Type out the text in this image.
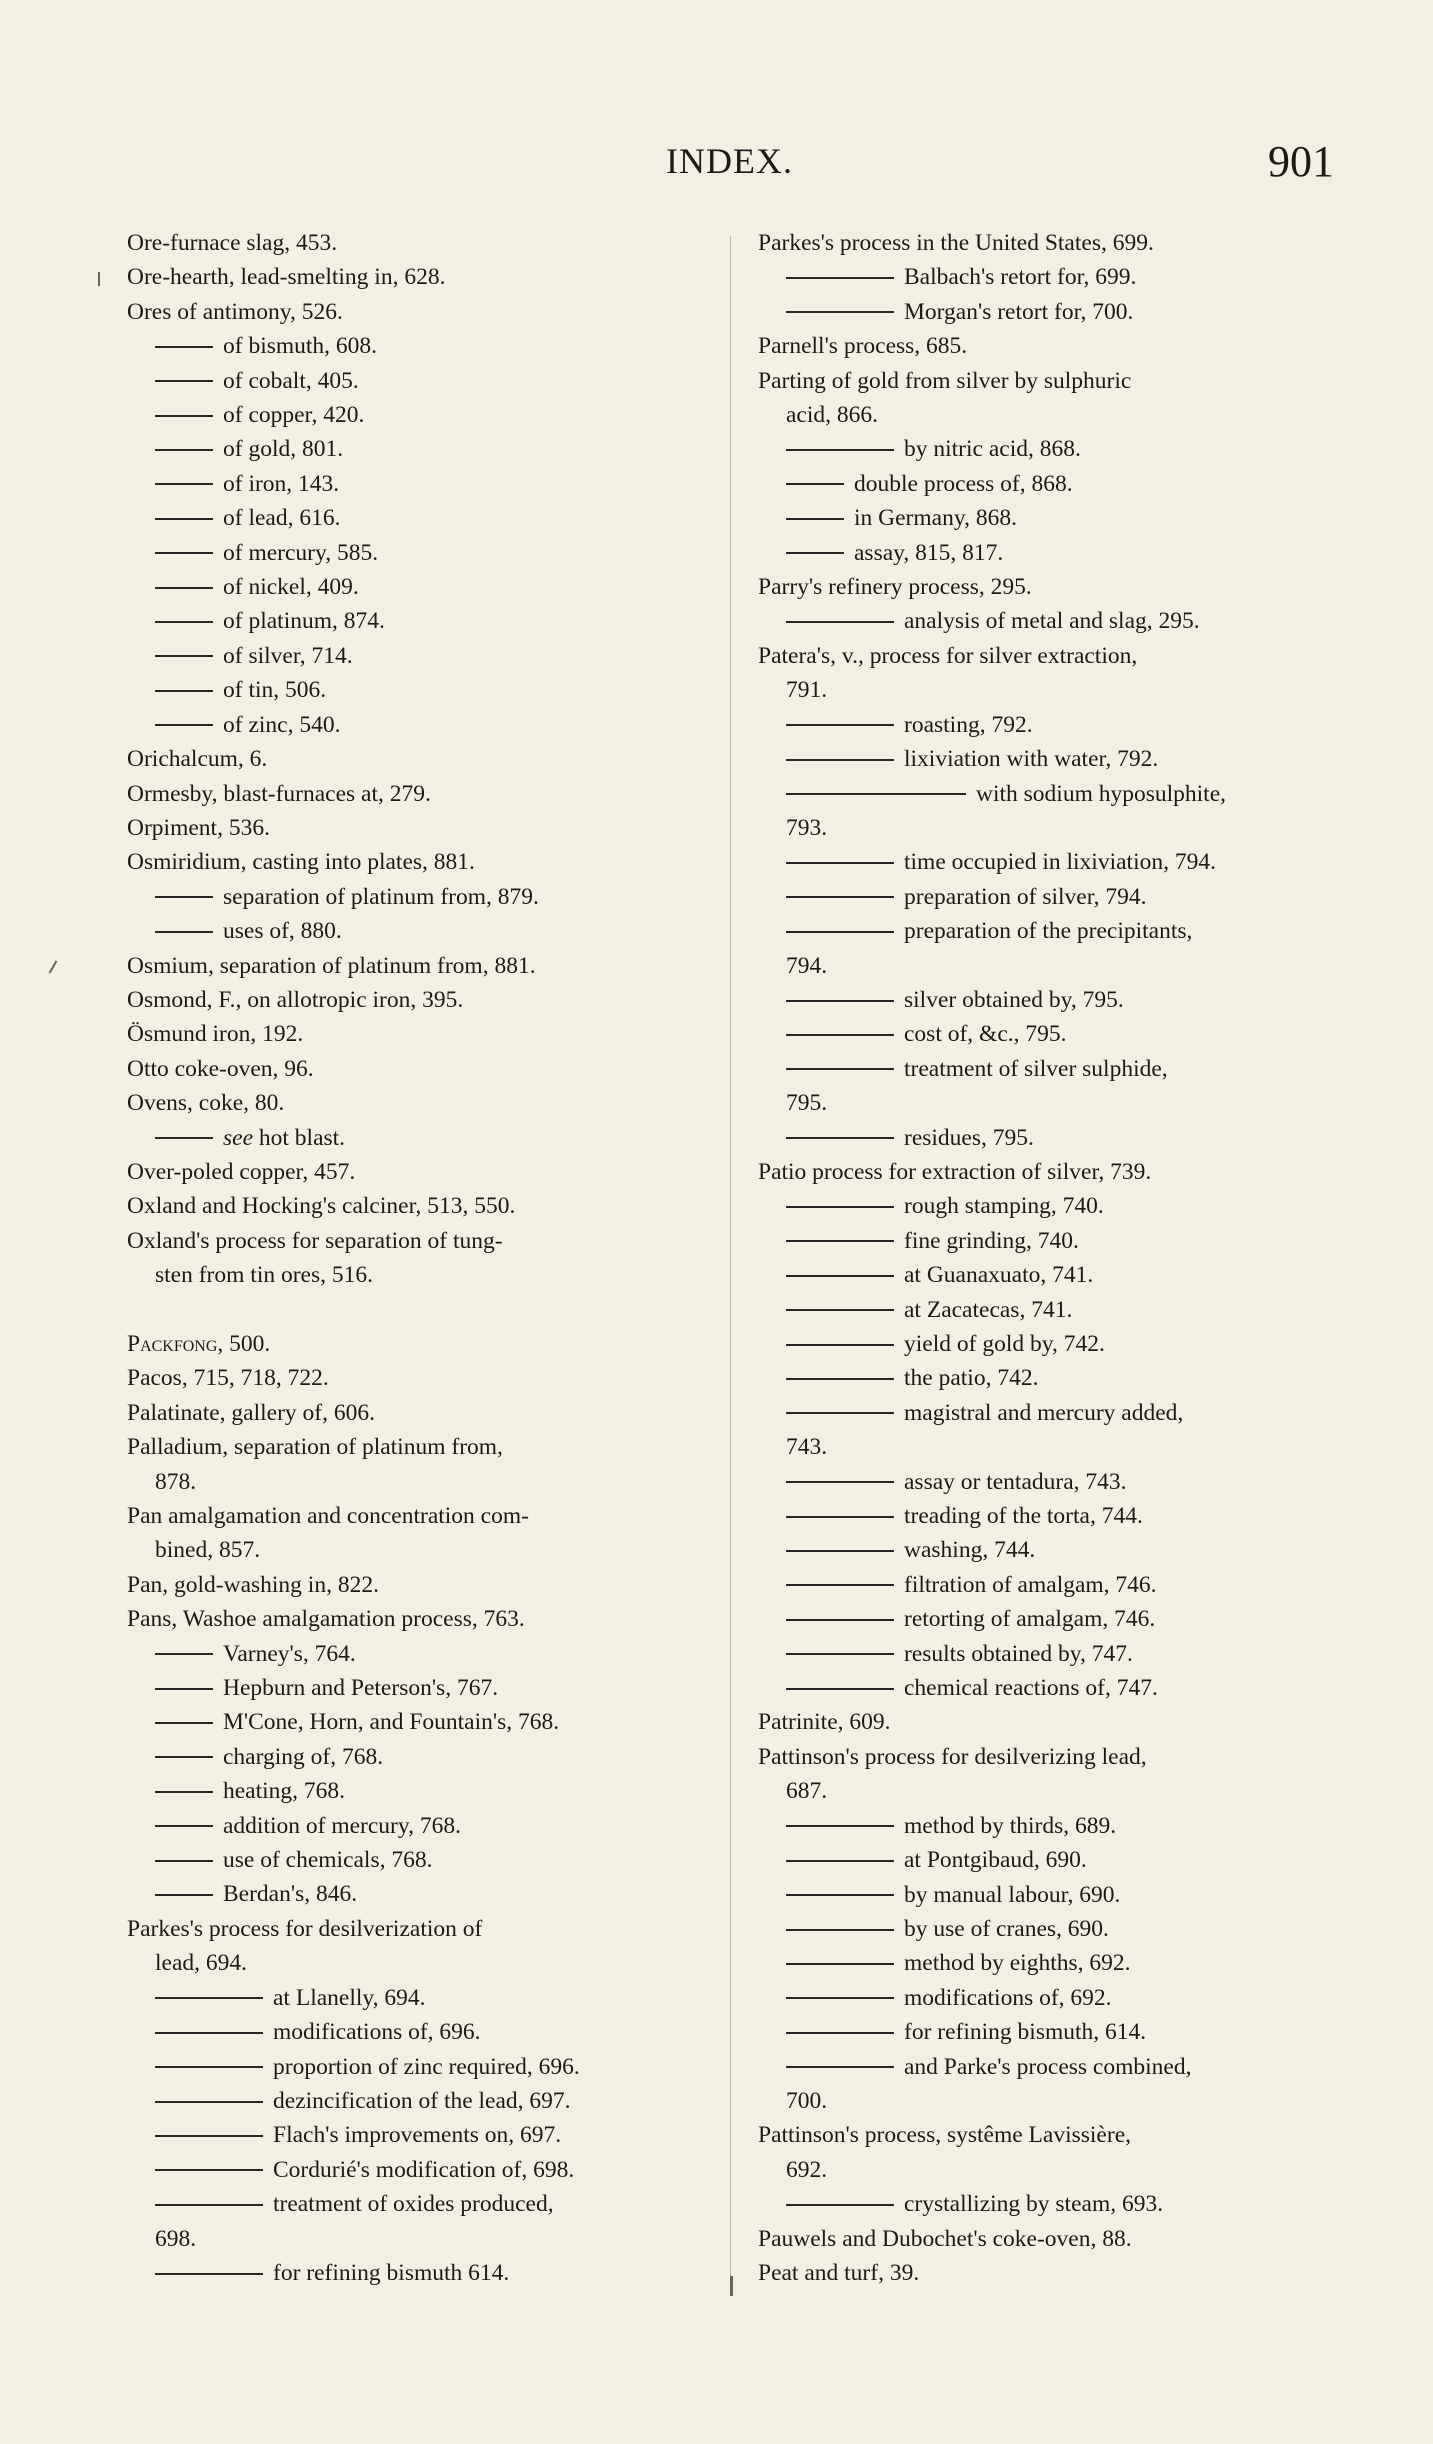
INDEX.	901
Ore-furnace slag, 453.
Ore-hearth, lead-smelting in, 628.
Ores of antimony, 526.
of bismuth, 608.
of cobalt, 405.
of copper, 420.
of gold, 801.
of iron, 143.
of lead, 616.
of mercury, 585.
of nickel, 409.
of platinum, 874.
of silver, 714.
of tin, 506.
of zinc, 540.
Orichalcum, 6.
Ormesby, blast-furnaces at, 279.
Orpiment, 536.
Osmiridium, casting into plates, 881.
separation of platinum from, 879.
uses of, 880.
Osmium, separation of platinum from, 881.
Osmond, F., on allotropic iron, 395.
Ösmund iron, 192.
Otto coke-oven, 96.
Ovens, coke, 80.
see hot blast.
Over-poled copper, 457.
Oxland and Hocking's calciner, 513, 550.
Oxland's process for separation of tung-
sten from tin ores, 516.
Packfong, 500.
Pacos, 715, 718, 722.
Palatinate, gallery of, 606.
Palladium, separation of platinum from,
878.
Pan amalgamation and concentration com-
bined, 857.
Pan, gold-washing in, 822.
Pans, Washoe amalgamation process, 763.
Varney's, 764.
Hepburn and Peterson's, 767.
M'Cone, Horn, and Fountain's, 768.
charging of, 768.
heating, 768.
addition of mercury, 768.
use of chemicals, 768.
Berdan's, 846.
Parkes's process for desilverization of
lead, 694.
at Llanelly, 694.
modifications of, 696.
proportion of zinc required, 696.
dezincification of the lead, 697.
Flach's improvements on, 697.
Cordurié's modification of, 698.
treatment of oxides produced,
698.
for refining bismuth 614.
Parkes's process in the United States, 699.
Balbach's retort for, 699.
Morgan's retort for, 700.
Parnell's process, 685.
Parting of gold from silver by sulphuric
acid, 866.
by nitric acid, 868.
double process of, 868.
in Germany, 868.
assay, 815, 817.
Parry's refinery process, 295.
analysis of metal and slag, 295.
Patera's, v., process for silver extraction,
791.
roasting, 792.
lixiviation with water, 792.
with sodium hyposulphite,
793.
time occupied in lixiviation, 794.
preparation of silver, 794.
preparation of the precipitants,
794.
silver obtained by, 795.
cost of, &c., 795.
treatment of silver sulphide,
795.
residues, 795.
Patio process for extraction of silver, 739.
rough stamping, 740.
fine grinding, 740.
at Guanaxuato, 741.
at Zacatecas, 741.
yield of gold by, 742.
the patio, 742.
magistral and mercury added,
743.
assay or tentadura, 743.
treading of the torta, 744.
washing, 744.
filtration of amalgam, 746.
retorting of amalgam, 746.
results obtained by, 747.
chemical reactions of, 747.
Patrinite, 609.
Pattinson's process for desilverizing lead,
687.
method by thirds, 689.
at Pontgibaud, 690.
by manual labour, 690.
by use of cranes, 690.
method by eighths, 692.
modifications of, 692.
for refining bismuth, 614.
and Parke's process combined,
700.
Pattinson's process, systême Lavissière,
692.
crystallizing by steam, 693.
Pauwels and Dubochet's coke-oven, 88.
Peat and turf, 39.
